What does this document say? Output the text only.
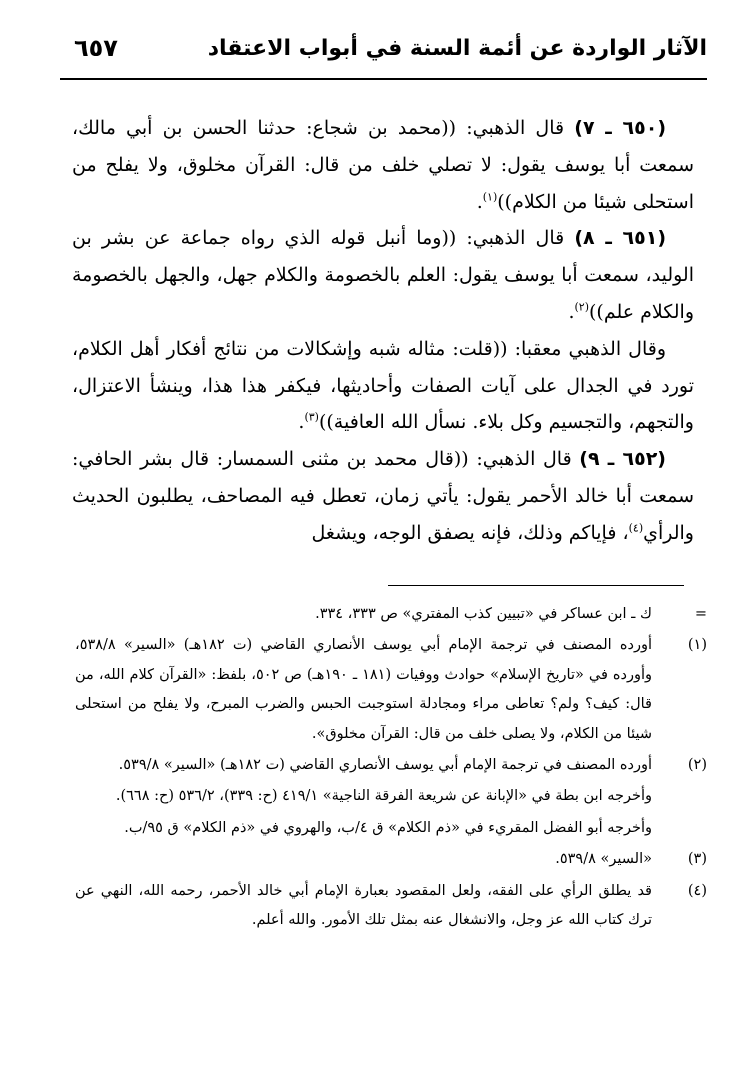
الآثار الواردة عن أئمة السنة في أبواب الاعتقاد
٦٥٧

(٦٥٠ ـ ٧) قال الذهبي: ((محمد بن شجاع: حدثنا الحسن بن أبي مالك، سمعت أبا يوسف يقول: لا تصلي خلف من قال: القرآن مخلوق، ولا يفلح من استحلى شيئا من الكلام))$^{(١)}$.

(٦٥١ ـ ٨) قال الذهبي: ((وما أنبل قوله الذي رواه جماعة عن بشر بن الوليد، سمعت أبا يوسف يقول: العلم بالخصومة والكلام جهل، والجهل بالخصومة والكلام علم))$^{(٢)}$.

وقال الذهبي معقبا: ((قلت: مثاله شبه وإشكالات من نتائج أفكار أهل الكلام، تورد في الجدال على آيات الصفات وأحاديثها، فيكفر هذا هذا، وينشأ الاعتزال، والتجهم، والتجسيم وكل بلاء. نسأل الله العافية))$^{(٣)}$.

(٦٥٢ ـ ٩) قال الذهبي: ((قال محمد بن مثنى السمسار: قال بشر الحافي: سمعت أبا خالد الأحمر يقول: يأتي زمان، تعطل فيه المصاحف، يطلبون الحديث والرأي$^{(٤)}$، فإياكم وذلك، فإنه يصفق الوجه، ويشغل

=
ك ـ ابن عساكر في «تبيين كذب المفتري» ص ٣٣٣، ٣٣٤.
(١)
أورده المصنف في ترجمة الإمام أبي يوسف الأنصاري القاضي (ت ١٨٢هـ) «السير» ٥٣٨/٨، وأورده في «تاريخ الإسلام» حوادث ووفيات (١٨١ ـ ١٩٠هـ) ص ٥٠٢، بلفظ: «القرآن كلام الله، من قال: كيف؟ ولم؟ تعاطى مراء ومجادلة استوجبت الحبس والضرب المبرح، ولا يفلح من استحلى شيئا من الكلام، ولا يصلى خلف من قال: القرآن مخلوق».
(٢)
أورده المصنف في ترجمة الإمام أبي يوسف الأنصاري القاضي (ت ١٨٢هـ) «السير» ٥٣٩/٨.
وأخرجه ابن بطة في «الإبانة عن شريعة الفرقة الناجية» ٤١٩/١ (ح: ٣٣٩)، ٥٣٦/٢ (ح: ٦٦٨).
وأخرجه أبو الفضل المقريء في «ذم الكلام» ق ٤/ب، والهروي في «ذم الكلام» ق ٩٥/ب.
(٣)
«السير» ٥٣٩/٨.
(٤)
قد يطلق الرأي على الفقه، ولعل المقصود بعبارة الإمام أبي خالد الأحمر، رحمه الله، النهي عن ترك كتاب الله عز وجل، والانشغال عنه بمثل تلك الأمور. والله أعلم.
